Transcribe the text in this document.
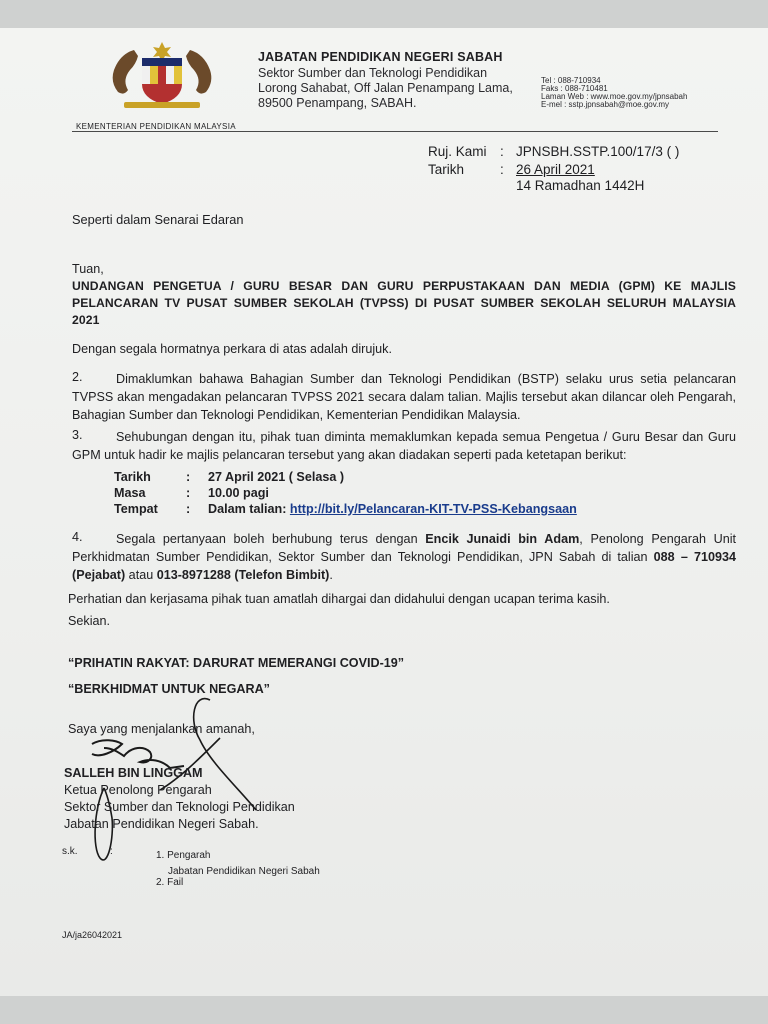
JABATAN PENDIDIKAN NEGERI SABAH
Sektor Sumber dan Teknologi Pendidikan
Lorong Sahabat, Off Jalan Penampang Lama,
89500 Penampang, SABAH.
Tel : 088-710934
Faks : 088-710481
Laman Web : www.moe.gov.my/jpnsabah
E-mel : sstp.jpnsabah@moe.gov.my
KEMENTERIAN PENDIDIKAN MALAYSIA
Ruj. Kami : JPNSBH.SSTP.100/17/3 ( )
Tarikh	: 26 April 2021
14 Ramadhan 1442H
Seperti dalam Senarai Edaran
Tuan,
UNDANGAN PENGETUA / GURU BESAR DAN GURU PERPUSTAKAAN DAN MEDIA (GPM) KE MAJLIS PELANCARAN TV PUSAT SUMBER SEKOLAH (TVPSS) DI PUSAT SUMBER SEKOLAH SELURUH MALAYSIA 2021
Dengan segala hormatnya perkara di atas adalah dirujuk.
2.	Dimaklumkan bahawa Bahagian Sumber dan Teknologi Pendidikan (BSTP) selaku urus setia pelancaran TVPSS akan mengadakan pelancaran TVPSS 2021 secara dalam talian. Majlis tersebut akan dilancar oleh Pengarah, Bahagian Sumber dan Teknologi Pendidikan, Kementerian Pendidikan Malaysia.
3.	Sehubungan dengan itu, pihak tuan diminta memaklumkan kepada semua Pengetua / Guru Besar dan Guru GPM untuk hadir ke majlis pelancaran tersebut yang akan diadakan seperti pada ketetapan berikut:
Tarikh	: 27 April 2021 ( Selasa )
Masa	: 10.00 pagi
Tempat : Dalam talian: http://bit.ly/Pelancaran-KIT-TV-PSS-Kebangsaan
4.	Segala pertanyaan boleh berhubung terus dengan Encik Junaidi bin Adam, Penolong Pengarah Unit Perkhidmatan Sumber Pendidikan, Sektor Sumber dan Teknologi Pendidikan, JPN Sabah di talian 088 – 710934 (Pejabat) atau 013-8971288 (Telefon Bimbit).
Perhatian dan kerjasama pihak tuan amatlah dihargai dan didahului dengan ucapan terima kasih.
Sekian.
“PRIHATIN RAKYAT: DARURAT MEMERANGI COVID-19”
“BERKHIDMAT UNTUK NEGARA”
Saya yang menjalankan amanah,
SALLEH BIN LINGGAM
Ketua Penolong Pengarah
Sektor Sumber dan Teknologi Pendidikan
Jabatan Pendidikan Negeri Sabah.
s.k.	:	1. Pengarah
Jabatan Pendidikan Negeri Sabah
2. Fail
JA/ja26042021
